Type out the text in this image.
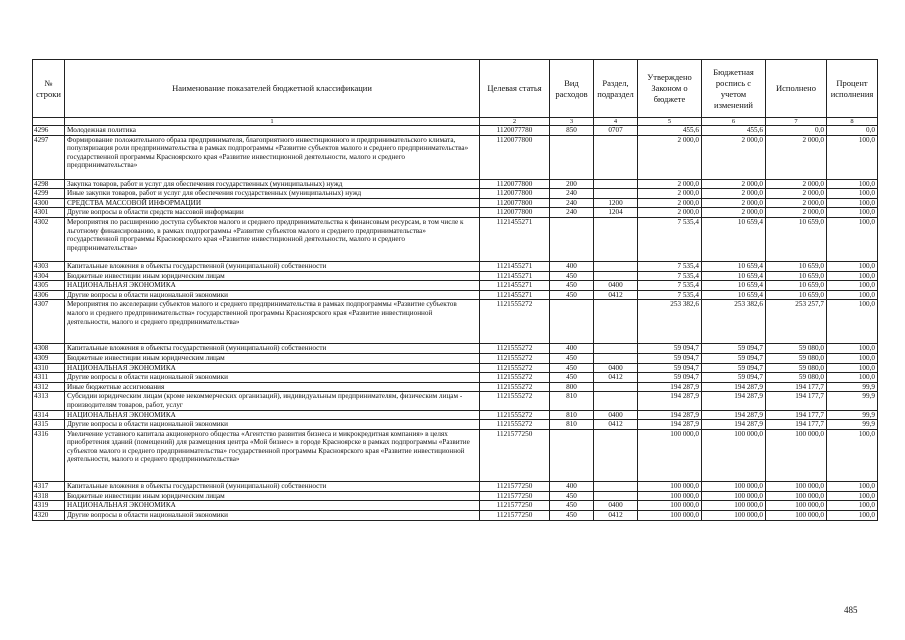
№ строки	Наименование показателей бюджетной классификации	Целевая статья	Вид расходов	Раздел, подраздел	Утверждено Законом о бюджете	Бюджетная роспись с учетом изменений	Исполнено	Процент исполнения
	1	2	3	4	5	6	7	8
4296	Молодежная политика	1120077780	850	0707	455,6	455,6	0,0	0,0
4297	Формирование положительного образа предпринимателя, благоприятного инвестиционного и предпринимательского климата, популяризация роли предпринимательства в рамках подпрограммы «Развитие субъектов малого и среднего предпринимательства» государственной программы Красноярского края «Развитие инвестиционной деятельности, малого и среднего предпринимательства»	1120077800			2 000,0	2 000,0	2 000,0	100,0
4298	Закупка товаров, работ и услуг для обеспечения государственных (муниципальных) нужд	1120077800	200		2 000,0	2 000,0	2 000,0	100,0
4299	Иные закупки товаров, работ и услуг для обеспечения государственных (муниципальных) нужд	1120077800	240		2 000,0	2 000,0	2 000,0	100,0
4300	СРЕДСТВА МАССОВОЙ ИНФОРМАЦИИ	1120077800	240	1200	2 000,0	2 000,0	2 000,0	100,0
4301	Другие вопросы в области средств массовой информации	1120077800	240	1204	2 000,0	2 000,0	2 000,0	100,0
4302	Мероприятия по расширению доступа субъектов малого и среднего предпринимательства к финансовым ресурсам, в том числе к льготному финансированию, в рамках подпрограммы «Развитие субъектов малого и среднего предпринимательства» государственной программы Красноярского края «Развитие инвестиционной деятельности, малого и среднего предпринимательства»	1121455271			7 535,4	10 659,4	10 659,0	100,0
4303	Капитальные вложения в объекты государственной (муниципальной) собственности	1121455271	400		7 535,4	10 659,4	10 659,0	100,0
4304	Бюджетные инвестиции иным юридическим лицам	1121455271	450		7 535,4	10 659,4	10 659,0	100,0
4305	НАЦИОНАЛЬНАЯ ЭКОНОМИКА	1121455271	450	0400	7 535,4	10 659,4	10 659,0	100,0
4306	Другие вопросы в области национальной экономики	1121455271	450	0412	7 535,4	10 659,4	10 659,0	100,0
4307	Мероприятия по акселерации субъектов малого и среднего предпринимательства в рамках подпрограммы «Развитие субъектов малого и среднего предпринимательства» государственной программы Красноярского края «Развитие инвестиционной деятельности, малого и среднего предпринимательства»	1121555272			253 382,6	253 382,6	253 257,7	100,0
4308	Капитальные вложения в объекты государственной (муниципальной) собственности	1121555272	400		59 094,7	59 094,7	59 080,0	100,0
4309	Бюджетные инвестиции иным юридическим лицам	1121555272	450		59 094,7	59 094,7	59 080,0	100,0
4310	НАЦИОНАЛЬНАЯ ЭКОНОМИКА	1121555272	450	0400	59 094,7	59 094,7	59 080,0	100,0
4311	Другие вопросы в области национальной экономики	1121555272	450	0412	59 094,7	59 094,7	59 080,0	100,0
4312	Иные бюджетные ассигнования	1121555272	800		194 287,9	194 287,9	194 177,7	99,9
4313	Субсидии юридическим лицам (кроме некоммерческих организаций), индивидуальным предпринимателям, физическим лицам - производителям товаров, работ, услуг	1121555272	810		194 287,9	194 287,9	194 177,7	99,9
4314	НАЦИОНАЛЬНАЯ ЭКОНОМИКА	1121555272	810	0400	194 287,9	194 287,9	194 177,7	99,9
4315	Другие вопросы в области национальной экономики	1121555272	810	0412	194 287,9	194 287,9	194 177,7	99,9
4316	Увеличение уставного капитала акционерного общества «Агентство развития бизнеса и микрокредитная компания» в целях приобретения зданий (помещений) для размещения центра «Мой бизнес» в городе Красноярске в рамках подпрограммы «Развитие субъектов малого и среднего предпринимательства» государственной программы Красноярского края «Развитие инвестиционной деятельности, малого и среднего предпринимательства»	1121577250			100 000,0	100 000,0	100 000,0	100,0
4317	Капитальные вложения в объекты государственной (муниципальной) собственности	1121577250	400		100 000,0	100 000,0	100 000,0	100,0
4318	Бюджетные инвестиции иным юридическим лицам	1121577250	450		100 000,0	100 000,0	100 000,0	100,0
4319	НАЦИОНАЛЬНАЯ ЭКОНОМИКА	1121577250	450	0400	100 000,0	100 000,0	100 000,0	100,0
4320	Другие вопросы в области национальной экономики	1121577250	450	0412	100 000,0	100 000,0	100 000,0	100,0
485
